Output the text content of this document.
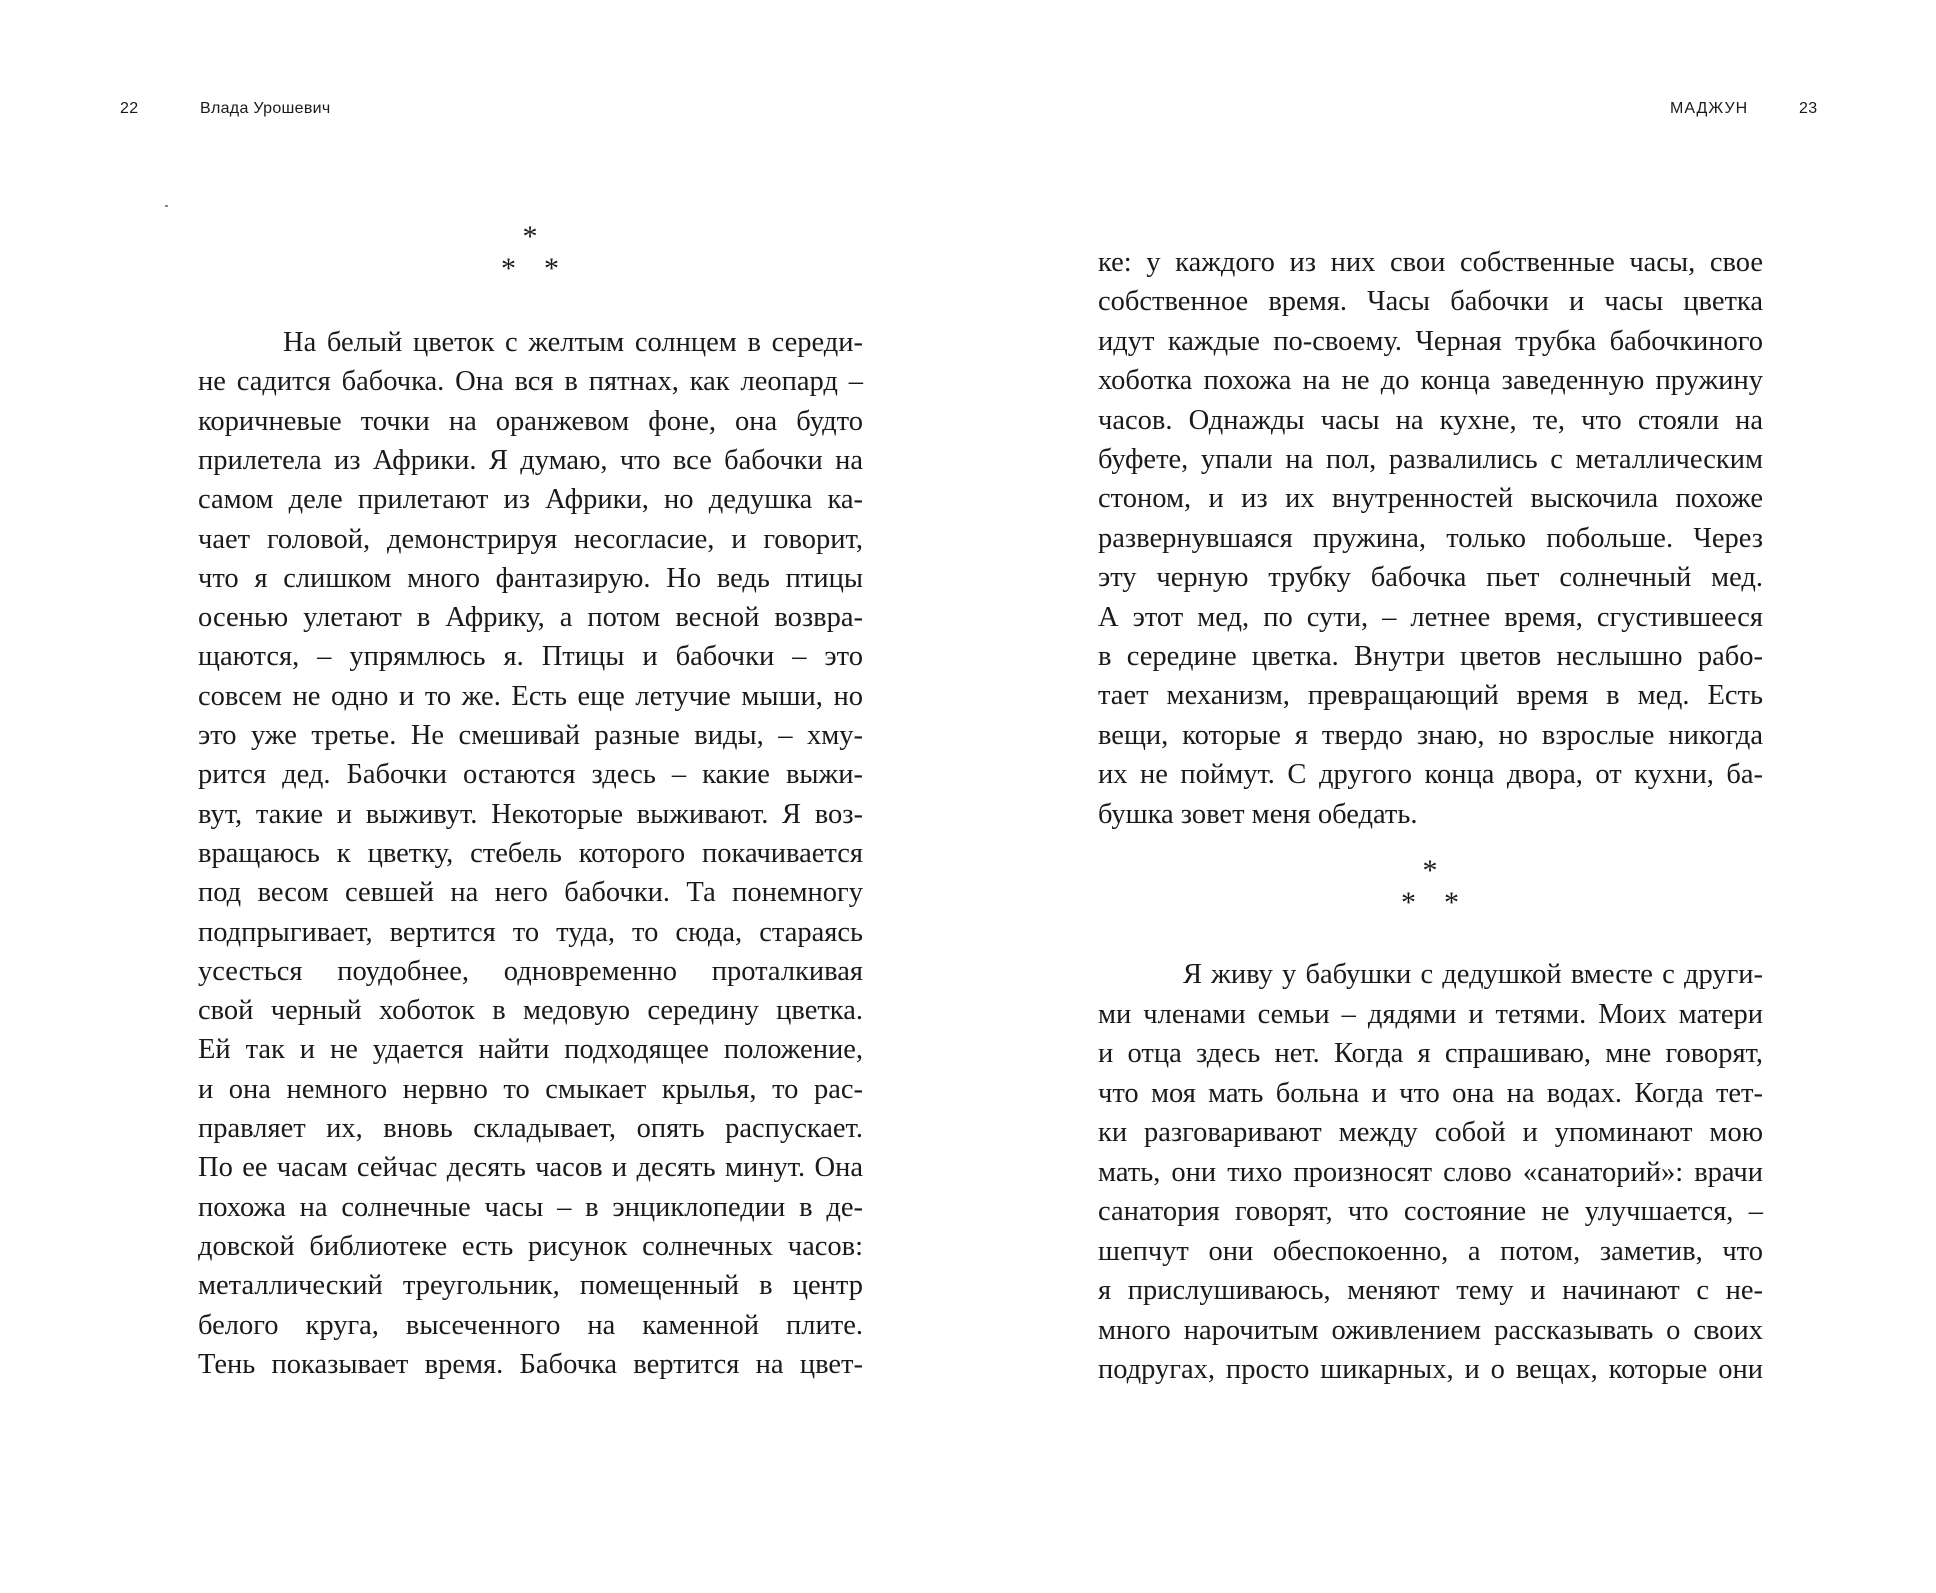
22	Влада Урошевич	МАДЖУН	23
*
* *
На белый цветок с желтым солнцем в середи-
не садится бабочка. Она вся в пятнах, как леопард –
коричневые точки на оранжевом фоне, она будто
прилетела из Африки. Я думаю, что все бабочки на
самом деле прилетают из Африки, но дедушка ка-
чает головой, демонстрируя несогласие, и говорит,
что я слишком много фантазирую. Но ведь птицы
осенью улетают в Африку, а потом весной возвра-
щаются, – упрямлюсь я. Птицы и бабочки – это
совсем не одно и то же. Есть еще летучие мыши, но
это уже третье. Не смешивай разные виды, – хму-
рится дед. Бабочки остаются здесь – какие выжи-
вут, такие и выживут. Некоторые выживают. Я воз-
вращаюсь к цветку, стебель которого покачивается
под весом севшей на него бабочки. Та понемногу
подпрыгивает, вертится то туда, то сюда, стараясь
усесться поудобнее, одновременно проталкивая
свой черный хоботок в медовую середину цветка.
Ей так и не удается найти подходящее положение,
и она немного нервно то смыкает крылья, то рас-
правляет их, вновь складывает, опять распускает.
По ее часам сейчас десять часов и десять минут. Она
похожа на солнечные часы – в энциклопедии в де-
довской библиотеке есть рисунок солнечных часов:
металлический треугольник, помещенный в центр
белого круга, высеченного на каменной плите.
Тень показывает время. Бабочка вертится на цвет-
ке: у каждого из них свои собственные часы, свое
собственное время. Часы бабочки и часы цветка
идут каждые по-своему. Черная трубка бабочкиного
хоботка похожа на не до конца заведенную пружину
часов. Однажды часы на кухне, те, что стояли на
буфете, упали на пол, развалились с металлическим
стоном, и из их внутренностей выскочила похоже
развернувшаяся пружина, только побольше. Через
эту черную трубку бабочка пьет солнечный мед.
А этот мед, по сути, – летнее время, сгустившееся
в середине цветка. Внутри цветов неслышно рабо-
тает механизм, превращающий время в мед. Есть
вещи, которые я твердо знаю, но взрослые никогда
их не поймут. С другого конца двора, от кухни, ба-
бушка зовет меня обедать.
*
* *
Я живу у бабушки с дедушкой вместе с други-
ми членами семьи – дядями и тетями. Моих матери
и отца здесь нет. Когда я спрашиваю, мне говорят,
что моя мать больна и что она на водах. Когда тет-
ки разговаривают между собой и упоминают мою
мать, они тихо произносят слово «санаторий»: врачи
санатория говорят, что состояние не улучшается, –
шепчут они обеспокоенно, а потом, заметив, что
я прислушиваюсь, меняют тему и начинают с не-
много нарочитым оживлением рассказывать о своих
подругах, просто шикарных, и о вещах, которые они
